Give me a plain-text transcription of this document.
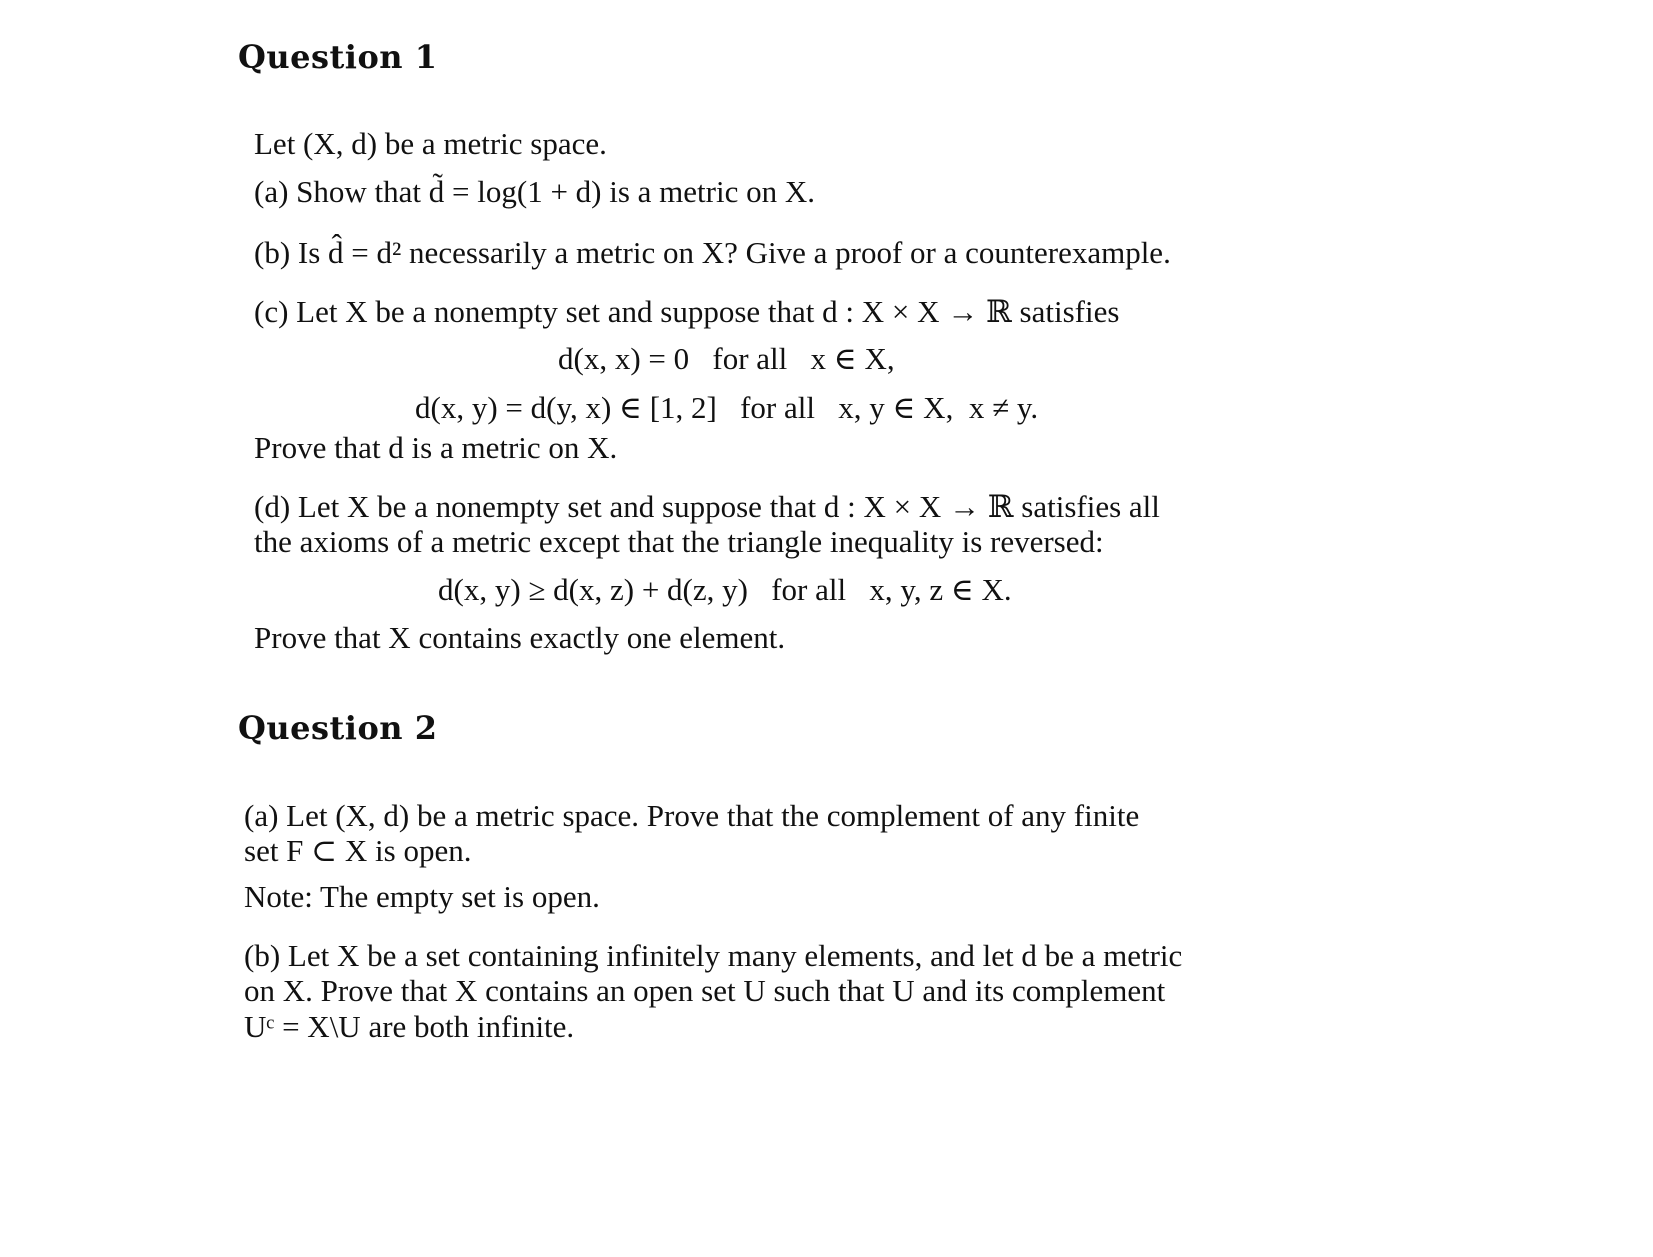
Question 1
Let (X, d) be a metric space.
(a) Show that d̃ = log(1 + d) is a metric on X.
(b) Is d̂ = d² necessarily a metric on X? Give a proof or a counterexample.
(c) Let X be a nonempty set and suppose that d : X × X → ℝ satisfies
d(x, x) = 0   for all   x ∈ X,
d(x, y) = d(y, x) ∈ [1, 2]   for all   x, y ∈ X,  x ≠ y.
Prove that d is a metric on X.
(d) Let X be a nonempty set and suppose that d : X × X → ℝ satisfies all
the axioms of a metric except that the triangle inequality is reversed:
d(x, y) ≥ d(x, z) + d(z, y)   for all   x, y, z ∈ X.
Prove that X contains exactly one element.
Question 2
(a) Let (X, d) be a metric space. Prove that the complement of any finite
set F ⊂ X is open.
Note: The empty set is open.
(b) Let X be a set containing infinitely many elements, and let d be a metric
on X. Prove that X contains an open set U such that U and its complement
Uᶜ = X\U are both infinite.
